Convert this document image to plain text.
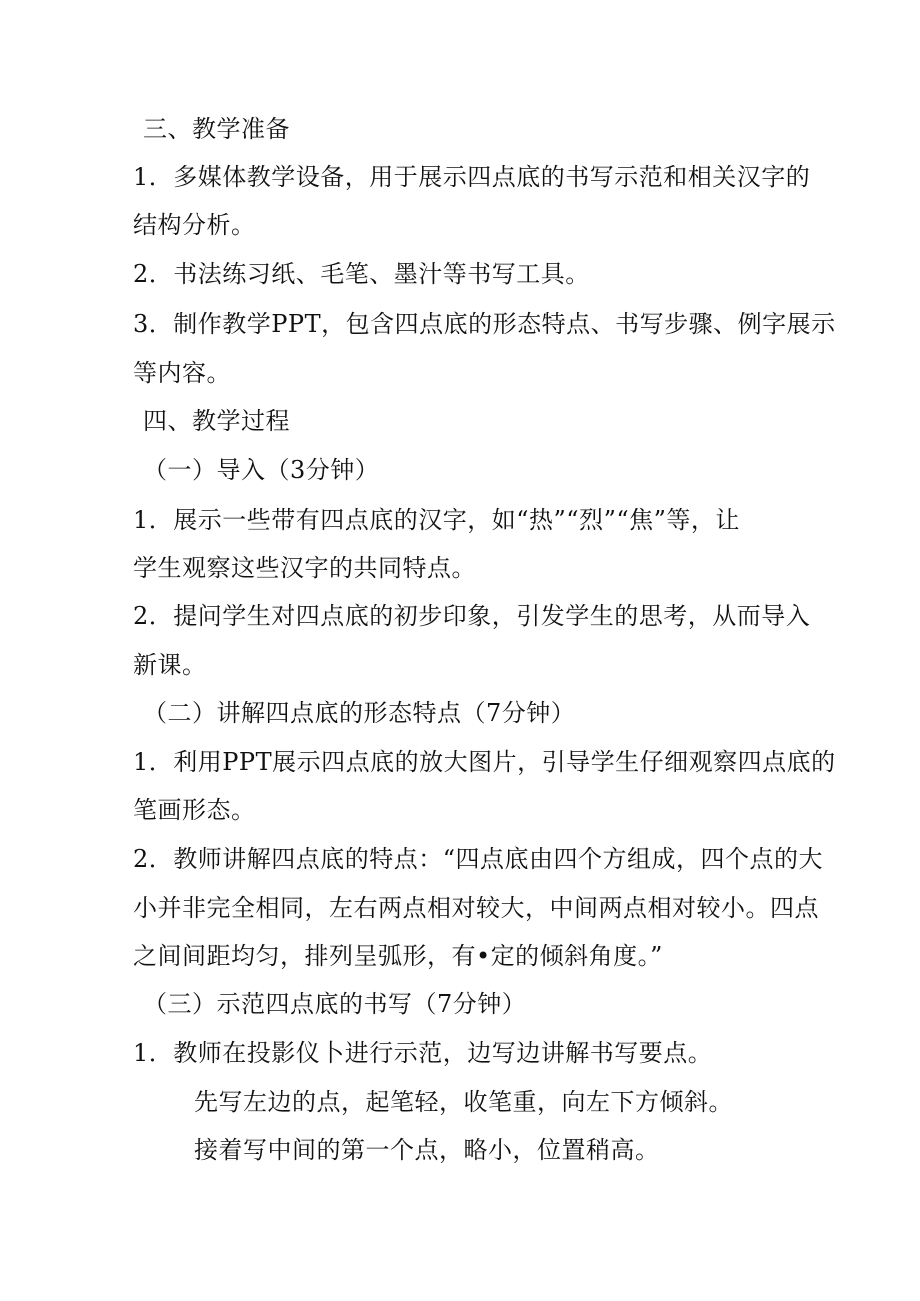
三、教学准备
1．多媒体教学设备，用于展示四点底的书写示范和相关汉字的
结构分析。
2．书法练习纸、毛笔、墨汁等书写工具。
3．制作教学PPT，包含四点底的形态特点、书写步骤、例字展示
等内容。
四、教学过程
（一）导入（3分钟）
1．展示一些带有四点底的汉字，如“热”“烈”“焦”等，让
学生观察这些汉字的共同特点。
2．提问学生对四点底的初步印象，引发学生的思考，从而导入
新课。
（二）讲解四点底的形态特点（7分钟）
1．利用PPT展示四点底的放大图片，引导学生仔细观察四点底的
笔画形态。
2．教师讲解四点底的特点：“四点底由四个方组成，四个点的大
小并非完全相同，左右两点相对较大，中间两点相对较小。四点
之间间距均匀，排列呈弧形，有•定的倾斜角度。”
（三）示范四点底的书写（7分钟）
1．教师在投影仪卜进行示范，边写边讲解书写要点。
先写左边的点，起笔轻，收笔重，向左下方倾斜。
接着写中间的第一个点，略小，位置稍高。
